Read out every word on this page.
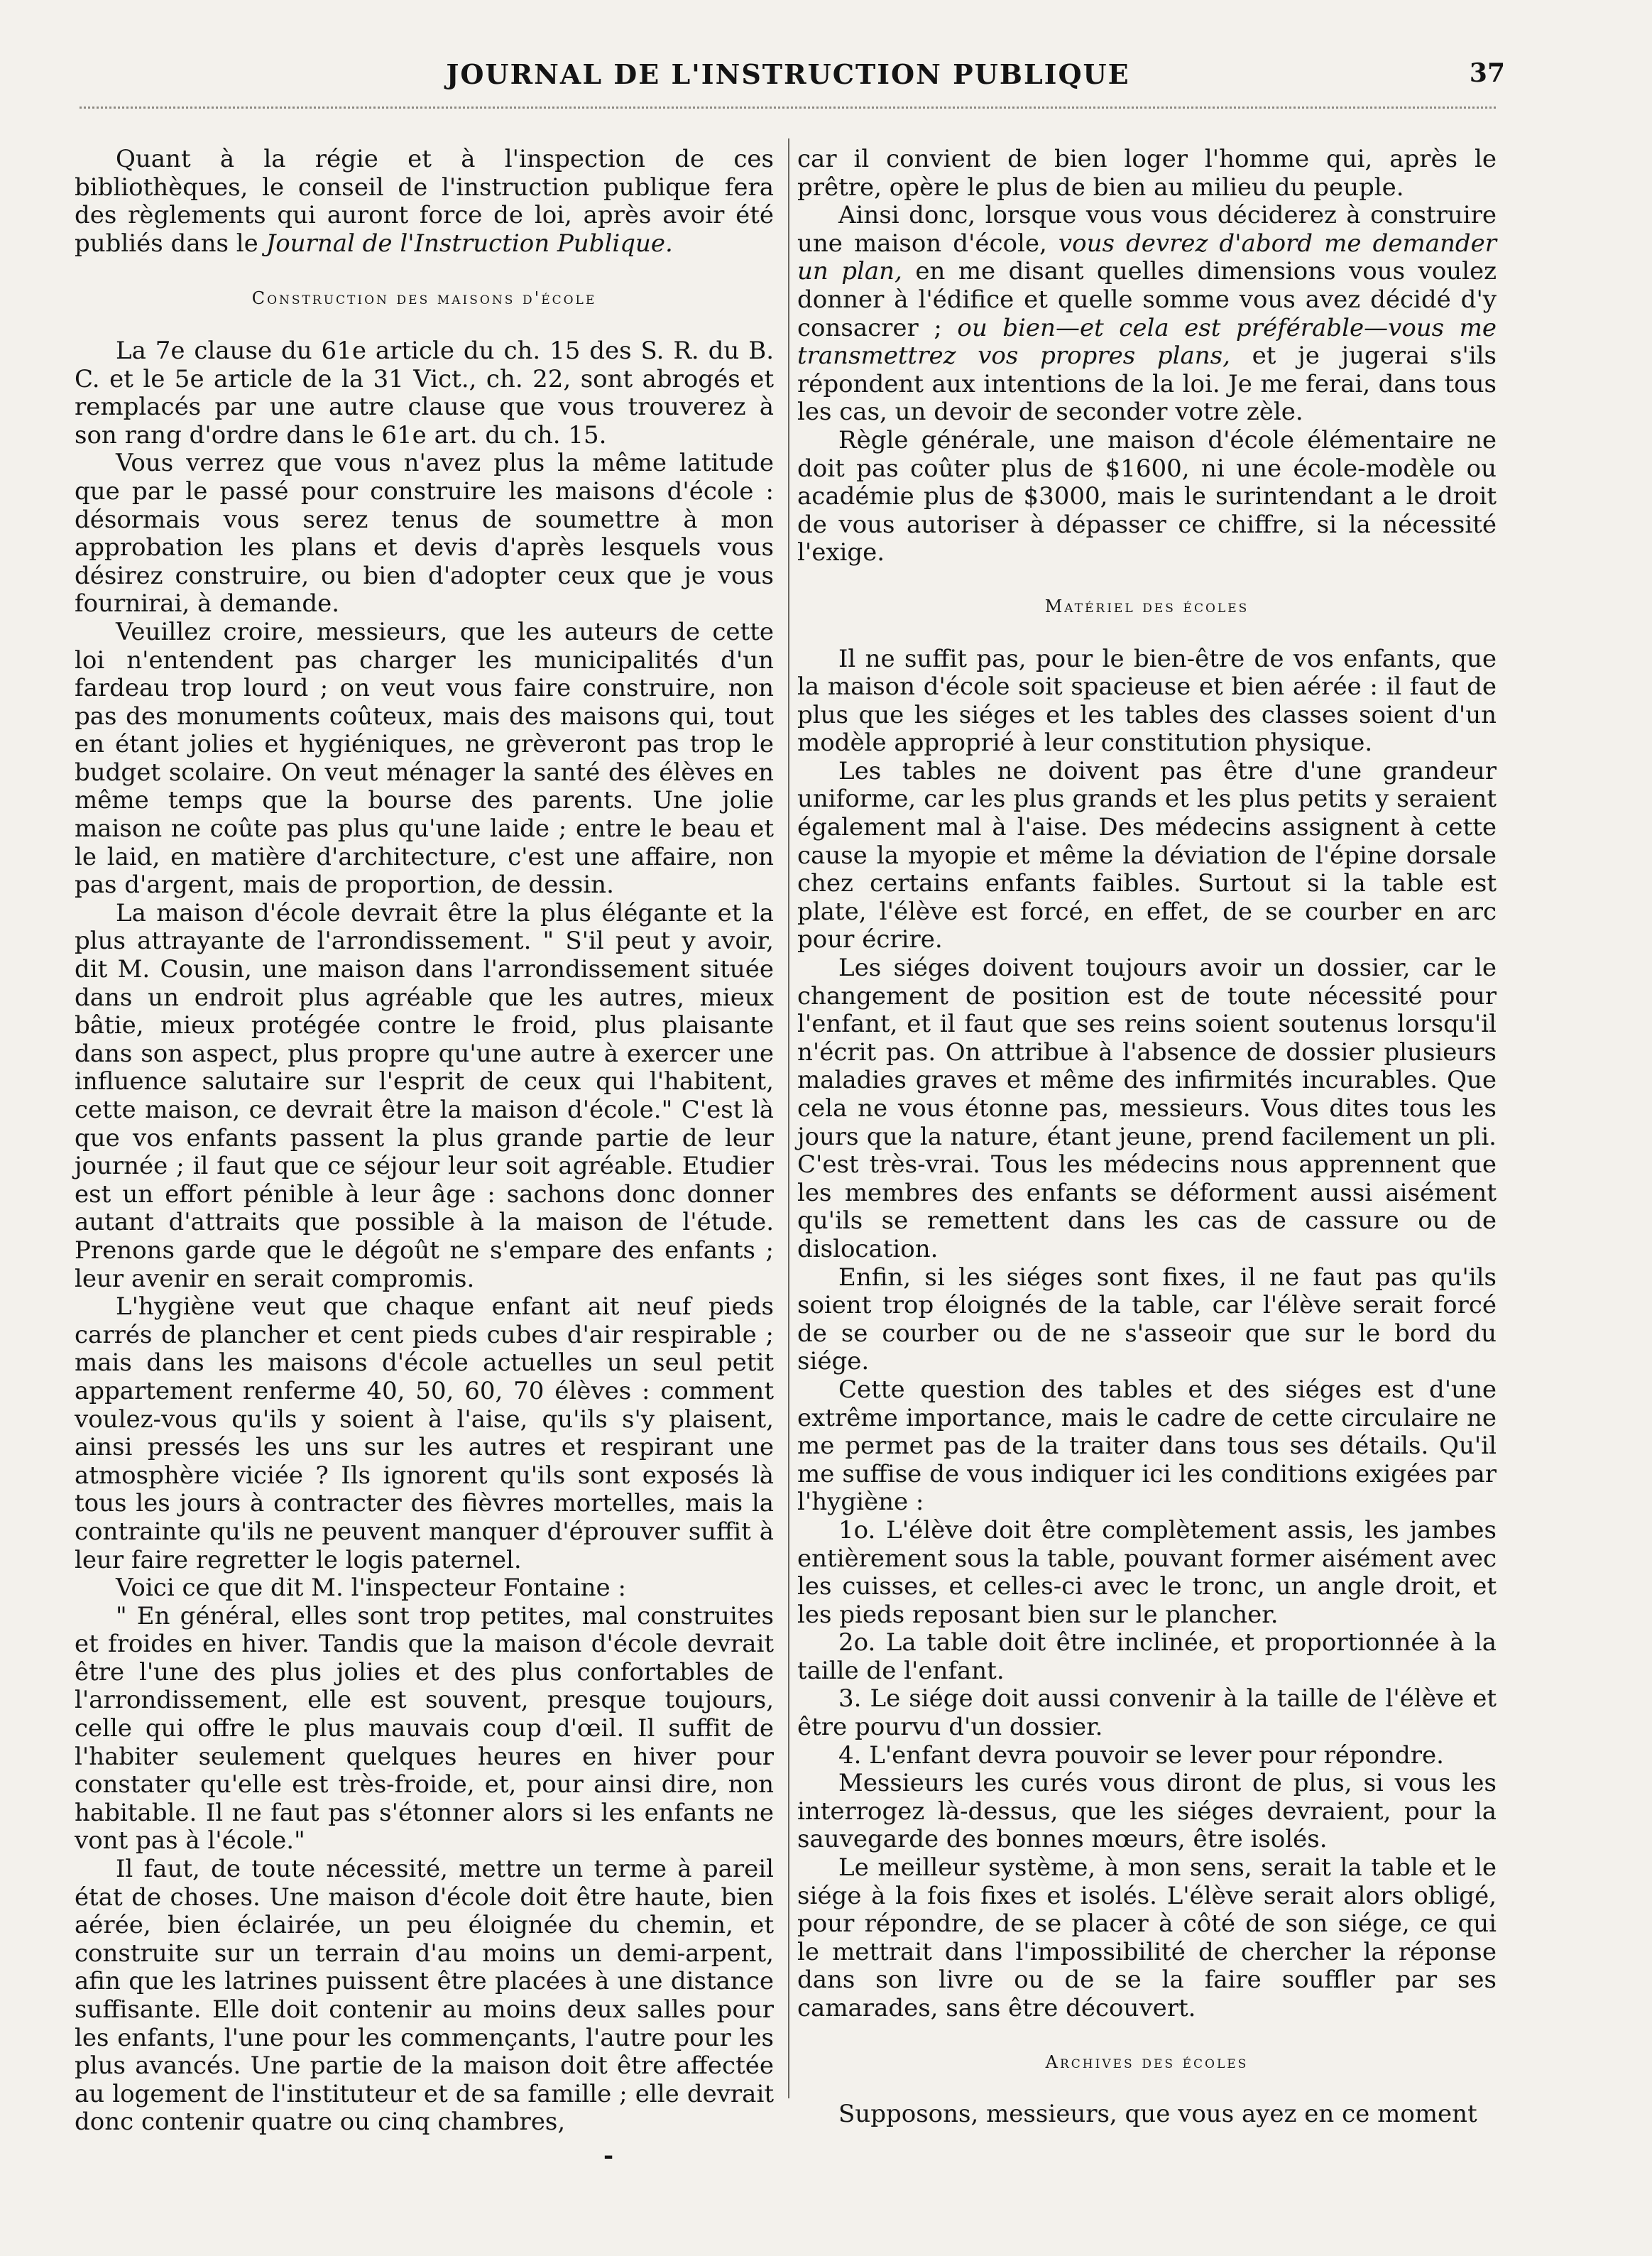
JOURNAL DE L'INSTRUCTION PUBLIQUE	37

Quant à la régie et à l'inspection de ces bibliothèques, le conseil de l'instruction publique fera des règlements qui auront force de loi, après avoir été publiés dans le Journal de l'Instruction Publique.

Construction des maisons d'école

La 7e clause du 61e article du ch. 15 des S. R. du B. C. et le 5e article de la 31 Vict., ch. 22, sont abrogés et remplacés par une autre clause que vous trouverez à son rang d'ordre dans le 61e art. du ch. 15.

Vous verrez que vous n'avez plus la même latitude que par le passé pour construire les maisons d'école : désormais vous serez tenus de soumettre à mon approbation les plans et devis d'après lesquels vous désirez construire, ou bien d'adopter ceux que je vous fournirai, à demande.

Veuillez croire, messieurs, que les auteurs de cette loi n'entendent pas charger les municipalités d'un fardeau trop lourd ; on veut vous faire construire, non pas des monuments coûteux, mais des maisons qui, tout en étant jolies et hygiéniques, ne grèveront pas trop le budget scolaire. On veut ménager la santé des élèves en même temps que la bourse des parents. Une jolie maison ne coûte pas plus qu'une laide ; entre le beau et le laid, en matière d'architecture, c'est une affaire, non pas d'argent, mais de proportion, de dessin.

La maison d'école devrait être la plus élégante et la plus attrayante de l'arrondissement. " S'il peut y avoir, dit M. Cousin, une maison dans l'arrondissement située dans un endroit plus agréable que les autres, mieux bâtie, mieux protégée contre le froid, plus plaisante dans son aspect, plus propre qu'une autre à exercer une influence salutaire sur l'esprit de ceux qui l'habitent, cette maison, ce devrait être la maison d'école." C'est là que vos enfants passent la plus grande partie de leur journée ; il faut que ce séjour leur soit agréable. Etudier est un effort pénible à leur âge : sachons donc donner autant d'attraits que possible à la maison de l'étude. Prenons garde que le dégoût ne s'empare des enfants ; leur avenir en serait compromis.

L'hygiène veut que chaque enfant ait neuf pieds carrés de plancher et cent pieds cubes d'air respirable ; mais dans les maisons d'école actuelles un seul petit appartement renferme 40, 50, 60, 70 élèves : comment voulez-vous qu'ils y soient à l'aise, qu'ils s'y plaisent, ainsi pressés les uns sur les autres et respirant une atmosphère viciée ? Ils ignorent qu'ils sont exposés là tous les jours à contracter des fièvres mortelles, mais la contrainte qu'ils ne peuvent manquer d'éprouver suffit à leur faire regretter le logis paternel.

Voici ce que dit M. l'inspecteur Fontaine :

" En général, elles sont trop petites, mal construites et froides en hiver. Tandis que la maison d'école devrait être l'une des plus jolies et des plus confortables de l'arrondissement, elle est souvent, presque toujours, celle qui offre le plus mauvais coup d'œil. Il suffit de l'habiter seulement quelques heures en hiver pour constater qu'elle est très-froide, et, pour ainsi dire, non habitable. Il ne faut pas s'étonner alors si les enfants ne vont pas à l'école."

Il faut, de toute nécessité, mettre un terme à pareil état de choses. Une maison d'école doit être haute, bien aérée, bien éclairée, un peu éloignée du chemin, et construite sur un terrain d'au moins un demi-arpent, afin que les latrines puissent être placées à une distance suffisante. Elle doit contenir au moins deux salles pour les enfants, l'une pour les commençants, l'autre pour les plus avancés. Une partie de la maison doit être affectée au logement de l'instituteur et de sa famille ; elle devrait donc contenir quatre ou cinq chambres,

car il convient de bien loger l'homme qui, après le prêtre, opère le plus de bien au milieu du peuple.

Ainsi donc, lorsque vous vous déciderez à construire une maison d'école, vous devrez d'abord me demander un plan, en me disant quelles dimensions vous voulez donner à l'édifice et quelle somme vous avez décidé d'y consacrer ; ou bien—et cela est préférable—vous me transmettrez vos propres plans, et je jugerai s'ils répondent aux intentions de la loi. Je me ferai, dans tous les cas, un devoir de seconder votre zèle.

Règle générale, une maison d'école élémentaire ne doit pas coûter plus de $1600, ni une école-modèle ou académie plus de $3000, mais le surintendant a le droit de vous autoriser à dépasser ce chiffre, si la nécessité l'exige.

Matériel des écoles

Il ne suffit pas, pour le bien-être de vos enfants, que la maison d'école soit spacieuse et bien aérée : il faut de plus que les siéges et les tables des classes soient d'un modèle approprié à leur constitution physique.

Les tables ne doivent pas être d'une grandeur uniforme, car les plus grands et les plus petits y seraient également mal à l'aise. Des médecins assignent à cette cause la myopie et même la déviation de l'épine dorsale chez certains enfants faibles. Surtout si la table est plate, l'élève est forcé, en effet, de se courber en arc pour écrire.

Les siéges doivent toujours avoir un dossier, car le changement de position est de toute nécessité pour l'enfant, et il faut que ses reins soient soutenus lorsqu'il n'écrit pas. On attribue à l'absence de dossier plusieurs maladies graves et même des infirmités incurables. Que cela ne vous étonne pas, messieurs. Vous dites tous les jours que la nature, étant jeune, prend facilement un pli. C'est très-vrai. Tous les médecins nous apprennent que les membres des enfants se déforment aussi aisément qu'ils se remettent dans les cas de cassure ou de dislocation.

Enfin, si les siéges sont fixes, il ne faut pas qu'ils soient trop éloignés de la table, car l'élève serait forcé de se courber ou de ne s'asseoir que sur le bord du siége.

Cette question des tables et des siéges est d'une extrême importance, mais le cadre de cette circulaire ne me permet pas de la traiter dans tous ses détails. Qu'il me suffise de vous indiquer ici les conditions exigées par l'hygiène :

1o. L'élève doit être complètement assis, les jambes entièrement sous la table, pouvant former aisément avec les cuisses, et celles-ci avec le tronc, un angle droit, et les pieds reposant bien sur le plancher.

2o. La table doit être inclinée, et proportionnée à la taille de l'enfant.

3. Le siége doit aussi convenir à la taille de l'élève et être pourvu d'un dossier.

4. L'enfant devra pouvoir se lever pour répondre.

Messieurs les curés vous diront de plus, si vous les interrogez là-dessus, que les siéges devraient, pour la sauvegarde des bonnes mœurs, être isolés.

Le meilleur système, à mon sens, serait la table et le siége à la fois fixes et isolés. L'élève serait alors obligé, pour répondre, de se placer à côté de son siége, ce qui le mettrait dans l'impossibilité de chercher la réponse dans son livre ou de se la faire souffler par ses camarades, sans être découvert.

Archives des écoles

Supposons, messieurs, que vous ayez en ce moment

-
